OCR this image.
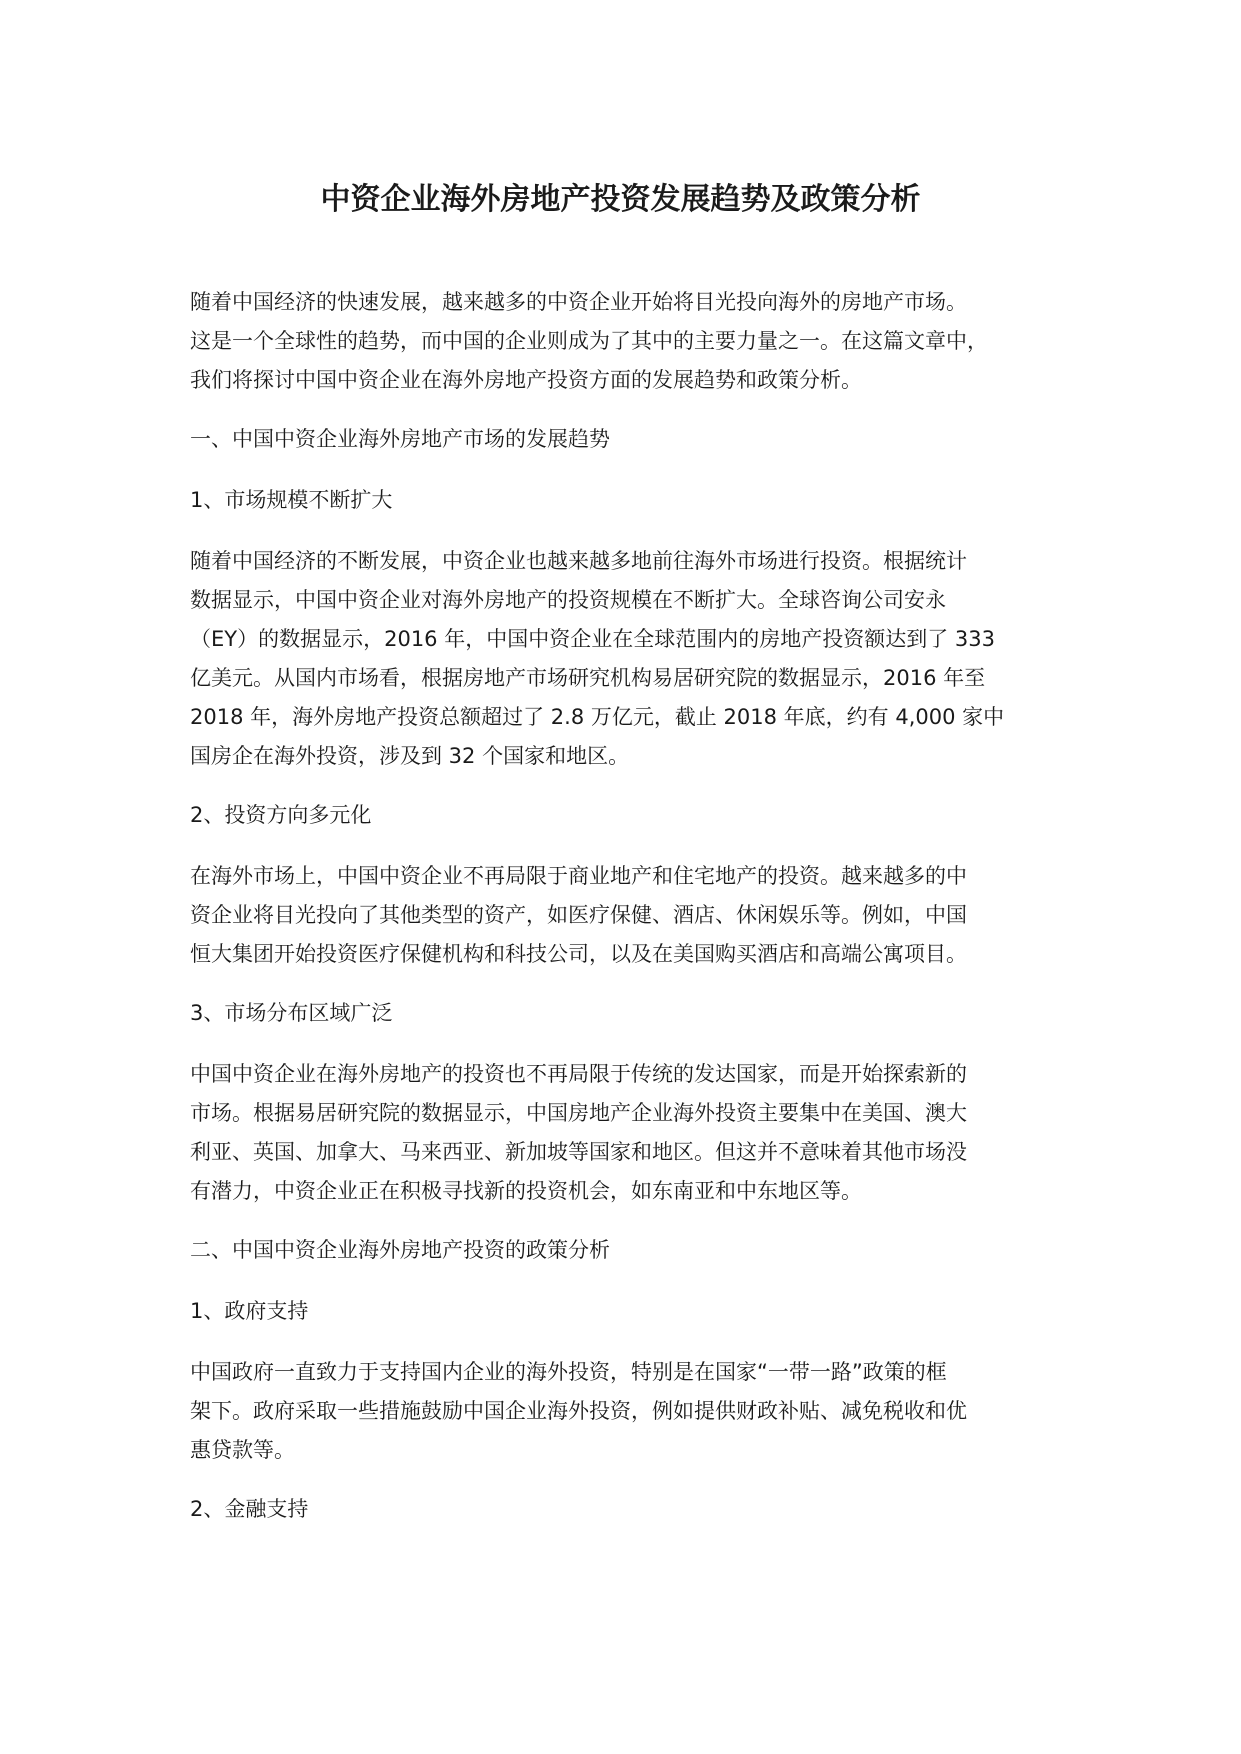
中资企业海外房地产投资发展趋势及政策分析

随着中国经济的快速发展，越来越多的中资企业开始将目光投向海外的房地产市场。
这是一个全球性的趋势，而中国的企业则成为了其中的主要力量之一。在这篇文章中，
我们将探讨中国中资企业在海外房地产投资方面的发展趋势和政策分析。

一、中国中资企业海外房地产市场的发展趋势

1、市场规模不断扩大

随着中国经济的不断发展，中资企业也越来越多地前往海外市场进行投资。根据统计
数据显示，中国中资企业对海外房地产的投资规模在不断扩大。全球咨询公司安永
（EY）的数据显示，2016 年，中国中资企业在全球范围内的房地产投资额达到了 333
亿美元。从国内市场看，根据房地产市场研究机构易居研究院的数据显示，2016 年至
2018 年，海外房地产投资总额超过了 2.8 万亿元，截止 2018 年底，约有 4,000 家中
国房企在海外投资，涉及到 32 个国家和地区。

2、投资方向多元化

在海外市场上，中国中资企业不再局限于商业地产和住宅地产的投资。越来越多的中
资企业将目光投向了其他类型的资产，如医疗保健、酒店、休闲娱乐等。例如，中国
恒大集团开始投资医疗保健机构和科技公司，以及在美国购买酒店和高端公寓项目。

3、市场分布区域广泛

中国中资企业在海外房地产的投资也不再局限于传统的发达国家，而是开始探索新的
市场。根据易居研究院的数据显示，中国房地产企业海外投资主要集中在美国、澳大
利亚、英国、加拿大、马来西亚、新加坡等国家和地区。但这并不意味着其他市场没
有潜力，中资企业正在积极寻找新的投资机会，如东南亚和中东地区等。

二、中国中资企业海外房地产投资的政策分析

1、政府支持

中国政府一直致力于支持国内企业的海外投资，特别是在国家“一带一路”政策的框
架下。政府采取一些措施鼓励中国企业海外投资，例如提供财政补贴、减免税收和优
惠贷款等。

2、金融支持
